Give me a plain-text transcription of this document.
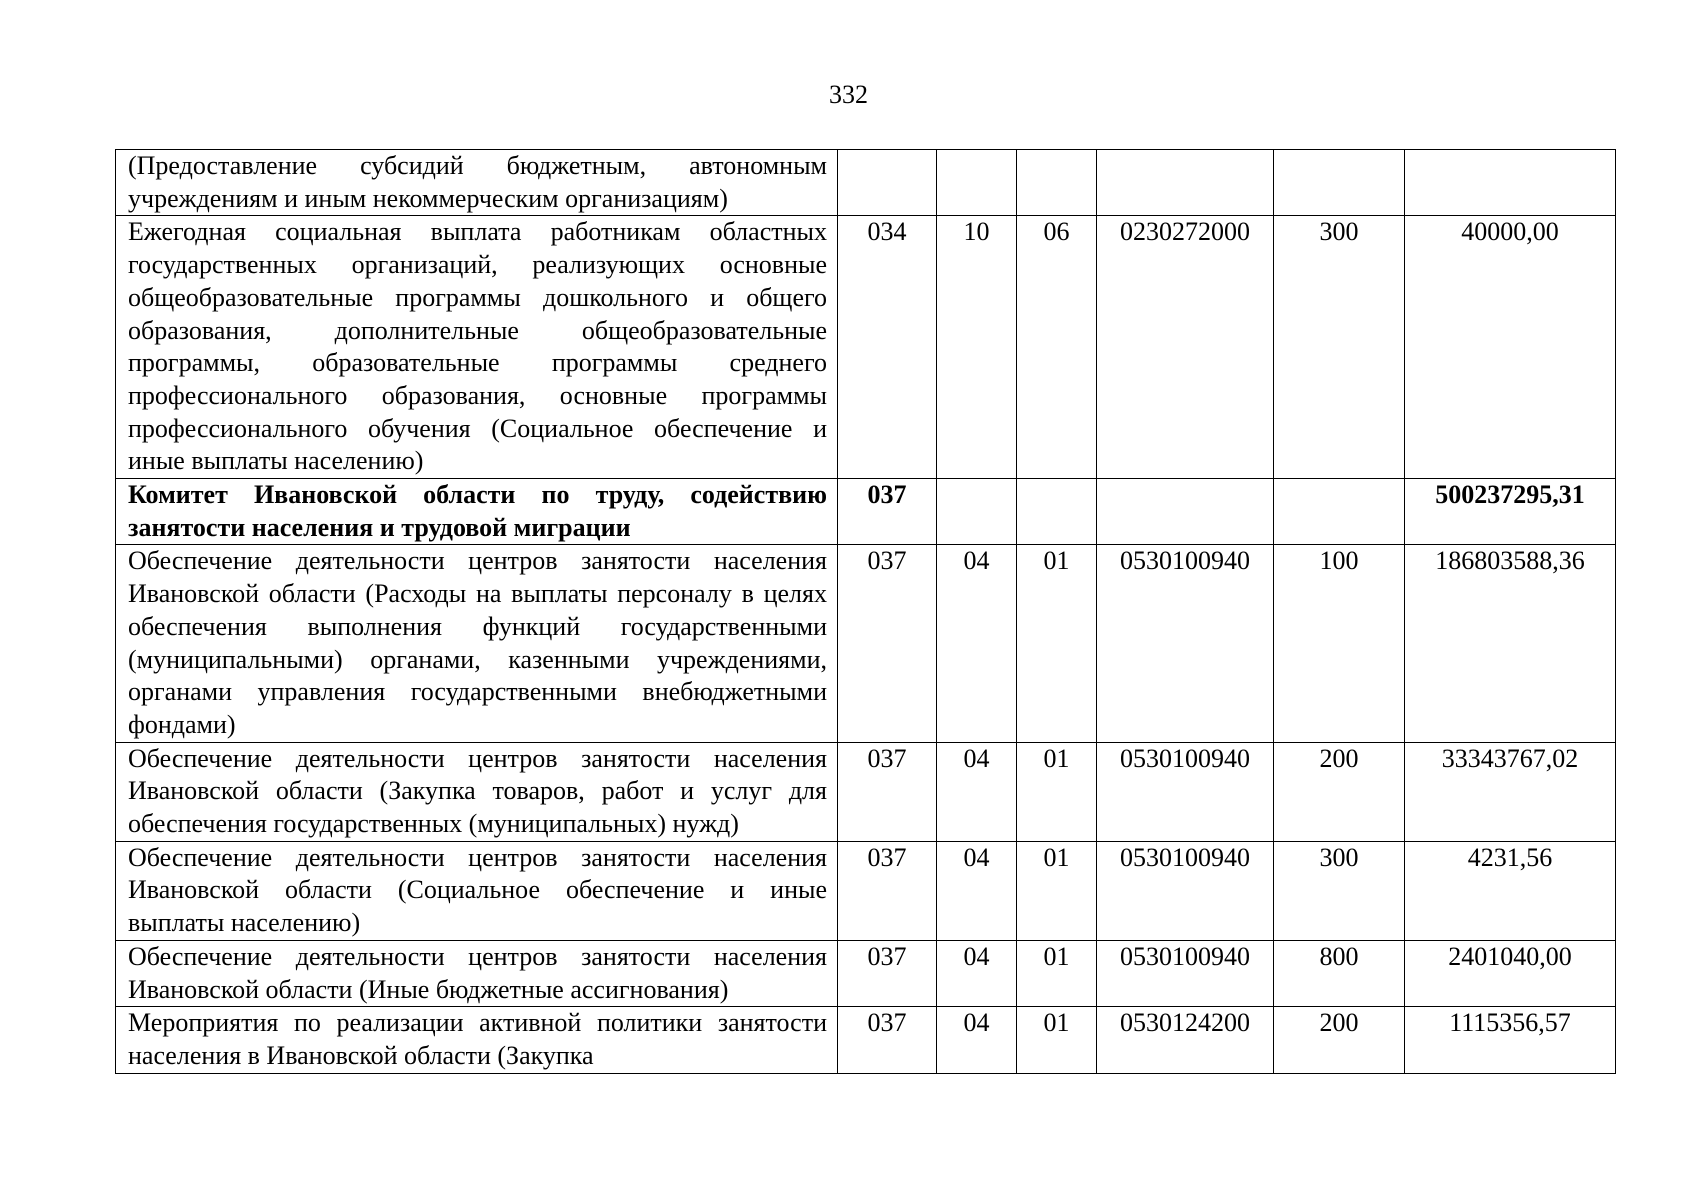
332
(Предоставление субсидий бюджетным, автономным учреждениям и иным некоммерческим организациям)						
Ежегодная социальная выплата работникам областных государственных организаций, реализующих основные общеобразовательные программы дошкольного и общего образования, дополнительные общеобразовательные программы, образовательные программы среднего профессионального образования, основные программы профессионального обучения (Социальное обеспечение и иные выплаты населению)	034	10	06	0230272000	300	40000,00
Комитет Ивановской области по труду, содействию занятости населения и трудовой миграции	037					500237295,31
Обеспечение деятельности центров занятости населения Ивановской области (Расходы на выплаты персоналу в целях обеспечения выполнения функций государственными (муниципальными) органами, казенными учреждениями, органами управления государственными внебюджетными фондами)	037	04	01	0530100940	100	186803588,36
Обеспечение деятельности центров занятости населения Ивановской области (Закупка товаров, работ и услуг для обеспечения государственных (муниципальных) нужд)	037	04	01	0530100940	200	33343767,02
Обеспечение деятельности центров занятости населения Ивановской области (Социальное обеспечение и иные выплаты населению)	037	04	01	0530100940	300	4231,56
Обеспечение деятельности центров занятости населения Ивановской области (Иные бюджетные ассигнования)	037	04	01	0530100940	800	2401040,00
Мероприятия по реализации активной политики занятости населения в Ивановской области (Закупка	037	04	01	0530124200	200	1115356,57
